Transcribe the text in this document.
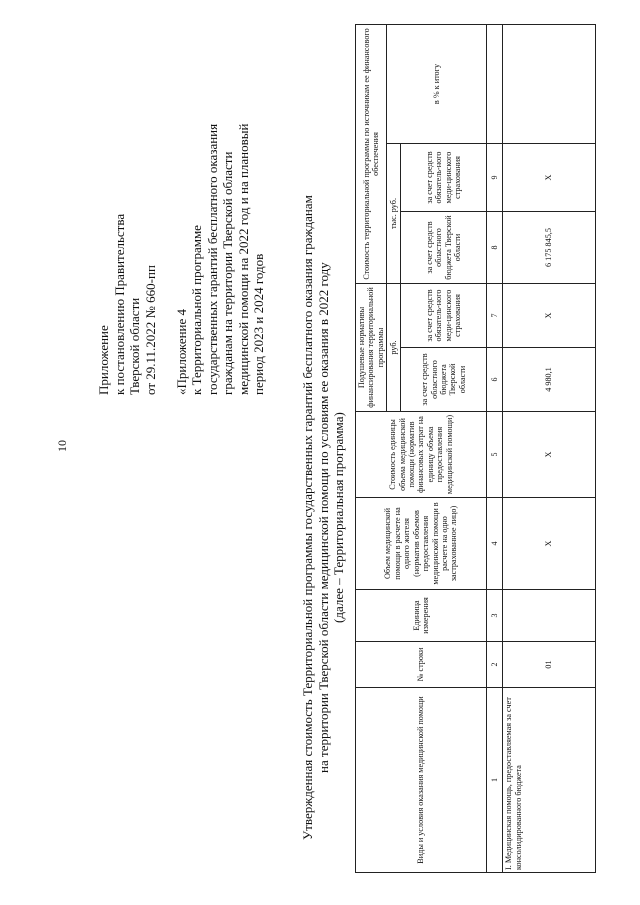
10
Приложение к постановлению Правительства Тверской области от 29.11.2022 № 660-пп «Приложение 4 к Территориальной программе государственных гарантий бесплатного оказания гражданам на территории Тверской области медицинской помощи на 2022 год и на плановый период 2023 и 2024 годов	Утвержденная стоимость Территориальной программы государственных гарантий бесплатного оказания гражданам на территории Тверской области медицинской помощи по условиям ее оказания в 2022 году (далее – Территориальная программа)
Виды и условия оказания медицинской помощи	№ строки	Единица измерения	Объем медицинской помощи в расчете на одного жителя (норматив объемов предоставления медицинской помощи в расчете на одно застрахованное лицо)	Стоимость единицы объема медицинской помощи (норматив финансовых затрат на единицу объема предоставления медицинской помощи)	Подушевые нормативы финансирования территориальной программы		Стоимость территориальной программы по источникам ее финансового обеспечения		
					руб.		тыс. руб.		в % к итогу
					за счет средств областного бюджета Тверской области	за счет средств обязатель-ного меди-цинского страхования	за счет средств областного бюджета Тверской области	за счет средств обязатель-ного меди-цинского страхования	
1	2	3	4	5	6	7	8	9	
I. Медицинская помощь, предоставляемая за счет консолидированного бюджета	01		X	X	4 980,1	X	6 175 845,5	X	
